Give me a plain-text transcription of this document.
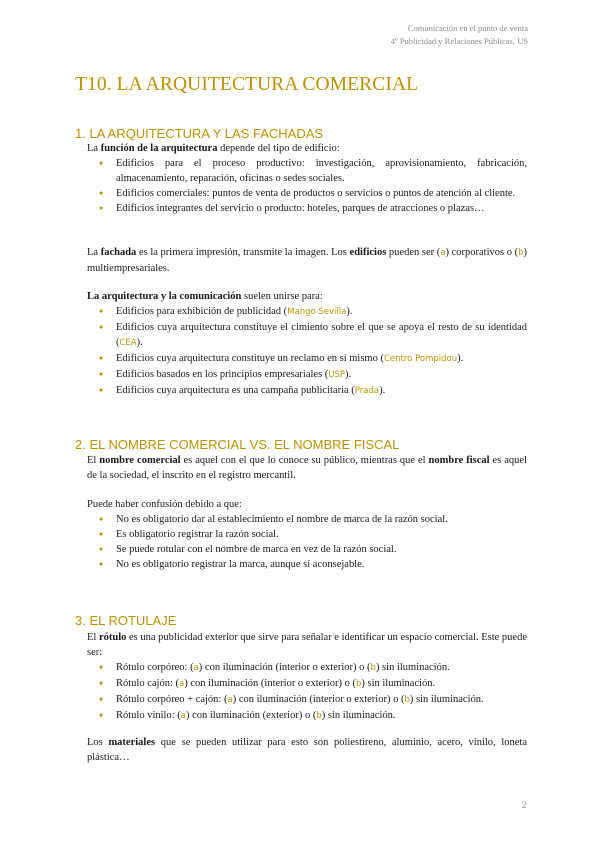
Comunicación en el punto de venta
4º Publicidad y Relaciones Públicas, US
T10. LA ARQUITECTURA COMERCIAL
1. LA ARQUITECTURA Y LAS FACHADAS
La función de la arquitectura depende del tipo de edificio:
● Edificios para el proceso productivo: investigación, aprovisionamiento, fabricación, almacenamiento, reparación, oficinas o sedes sociales.
● Edificios comerciales: puntos de venta de productos o servicios o puntos de atención al cliente.
● Edificios integrantes del servicio o producto: hoteles, parques de atracciones o plazas…
La fachada es la primera impresión, transmite la imagen. Los edificios pueden ser (a) corporativos o (b) multiempresariales.
La arquitectura y la comunicación suelen unirse para:
● Edificios para exhibición de publicidad (Mango Sevilla).
● Edificios cuya arquitectura constituye el cimiento sobre el que se apoya el resto de su identidad (CEA).
● Edificios cuya arquitectura constituye un reclamo en sí mismo (Centro Pompidou).
● Edificios basados en los principios empresariales (USP).
● Edificios cuya arquitectura es una campaña publicitaria (Prada).
2. EL NOMBRE COMERCIAL VS. EL NOMBRE FISCAL
El nombre comercial es aquel con el que lo conoce su público, mientras que el nombre fiscal es aquel de la sociedad, el inscrito en el registro mercantil.
Puede haber confusión debido a que:
● No es obligatorio dar al establecimiento el nombre de marca de la razón social.
● Es obligatorio registrar la razón social.
● Se puede rotular con el nombre de marca en vez de la razón social.
● No es obligatorio registrar la marca, aunque sí aconsejable.
3. EL ROTULAJE
El rótulo es una publicidad exterior que sirve para señalar e identificar un espacio comercial. Este puede ser:
● Rótulo corpóreo: (a) con iluminación (interior o exterior) o (b) sin iluminación.
● Rótulo cajón: (a) con iluminación (interior o exterior) o (b) sin iluminación.
● Rótulo corpóreo + cajón: (a) con iluminación (interior o exterior) o (b) sin iluminación.
● Rótulo vinilo: (a) con iluminación (exterior) o (b) sin iluminación.
Los materiales que se pueden utilizar para esto son poliestireno, aluminio, acero, vinilo, loneta plástica…
2
